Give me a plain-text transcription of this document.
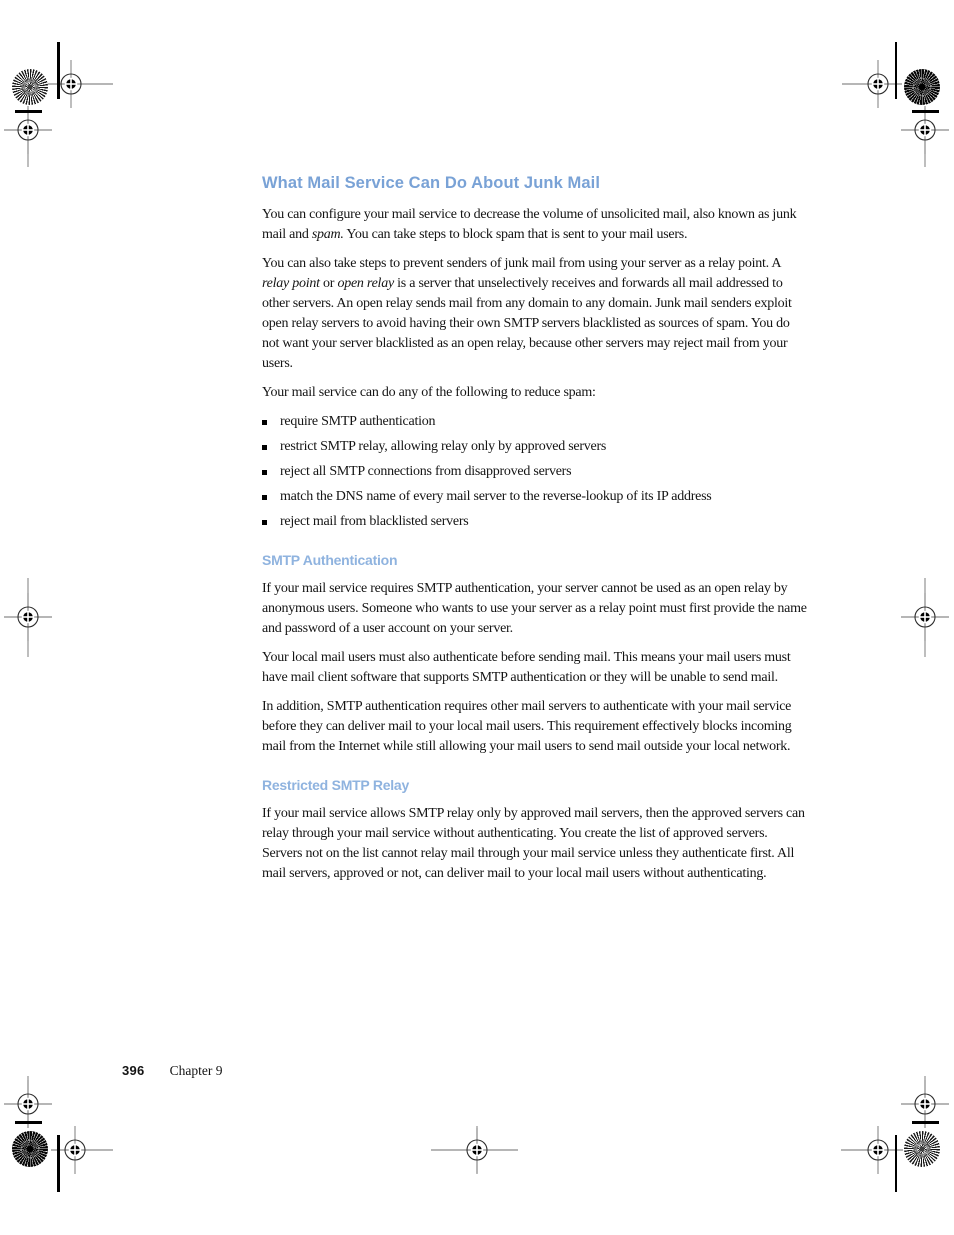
What Mail Service Can Do About Junk Mail

You can configure your mail service to decrease the volume of unsolicited mail, also known as junk mail and spam. You can take steps to block spam that is sent to your mail users.

You can also take steps to prevent senders of junk mail from using your server as a relay point. A relay point or open relay is a server that unselectively receives and forwards all mail addressed to other servers. An open relay sends mail from any domain to any domain. Junk mail senders exploit open relay servers to avoid having their own SMTP servers blacklisted as sources of spam. You do not want your server blacklisted as an open relay, because other servers may reject mail from your users.

Your mail service can do any of the following to reduce spam:

require SMTP authentication
restrict SMTP relay, allowing relay only by approved servers
reject all SMTP connections from disapproved servers
match the DNS name of every mail server to the reverse-lookup of its IP address
reject mail from blacklisted servers
SMTP Authentication

If your mail service requires SMTP authentication, your server cannot be used as an open relay by anonymous users. Someone who wants to use your server as a relay point must first provide the name and password of a user account on your server.

Your local mail users must also authenticate before sending mail. This means your mail users must have mail client software that supports SMTP authentication or they will be unable to send mail.

In addition, SMTP authentication requires other mail servers to authenticate with your mail service before they can deliver mail to your local mail users. This requirement effectively blocks incoming mail from the Internet while still allowing your mail users to send mail outside your local network.

Restricted SMTP Relay

If your mail service allows SMTP relay only by approved mail servers, then the approved servers can relay through your mail service without authenticating. You create the list of approved servers. Servers not on the list cannot relay mail through your mail service unless they authenticate first. All mail servers, approved or not, can deliver mail to your local mail users without authenticating.

396 Chapter 9
